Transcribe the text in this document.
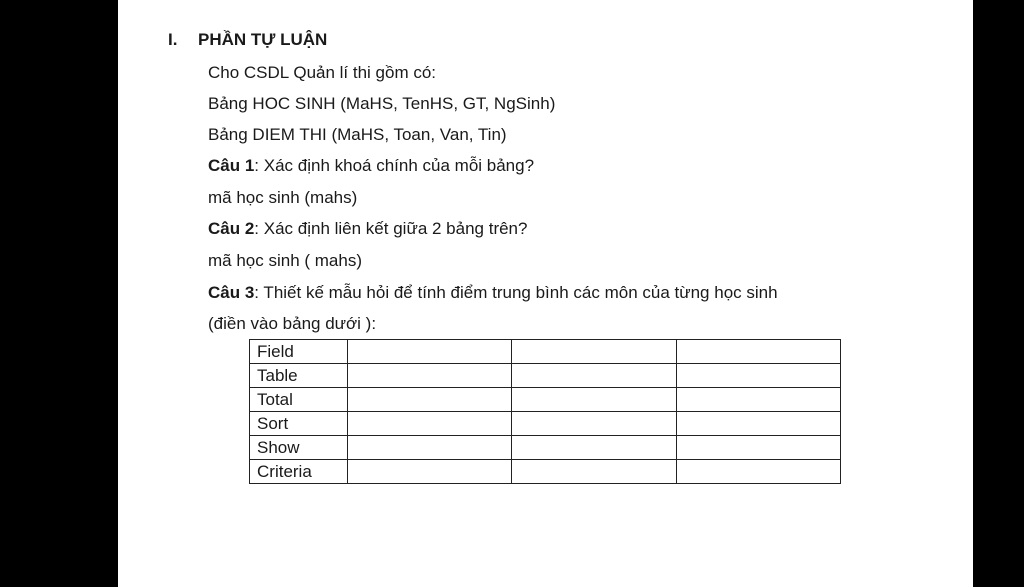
I. PHẦN TỰ LUẬN
Cho CSDL Quản lí thi gồm có:
Bảng HOC SINH (MaHS, TenHS, GT, NgSinh)
Bảng DIEM THI (MaHS, Toan, Van, Tin)
Câu 1: Xác định khoá chính của mỗi bảng?
mã học sinh (mahs)
Câu 2: Xác định liên kết giữa 2 bảng trên?
mã học sinh ( mahs)
Câu 3: Thiết kế mẫu hỏi để tính điểm trung bình các môn của từng học sinh
(điền vào bảng dưới ):
Field			
Table			
Total			
Sort			
Show			
Criteria			
